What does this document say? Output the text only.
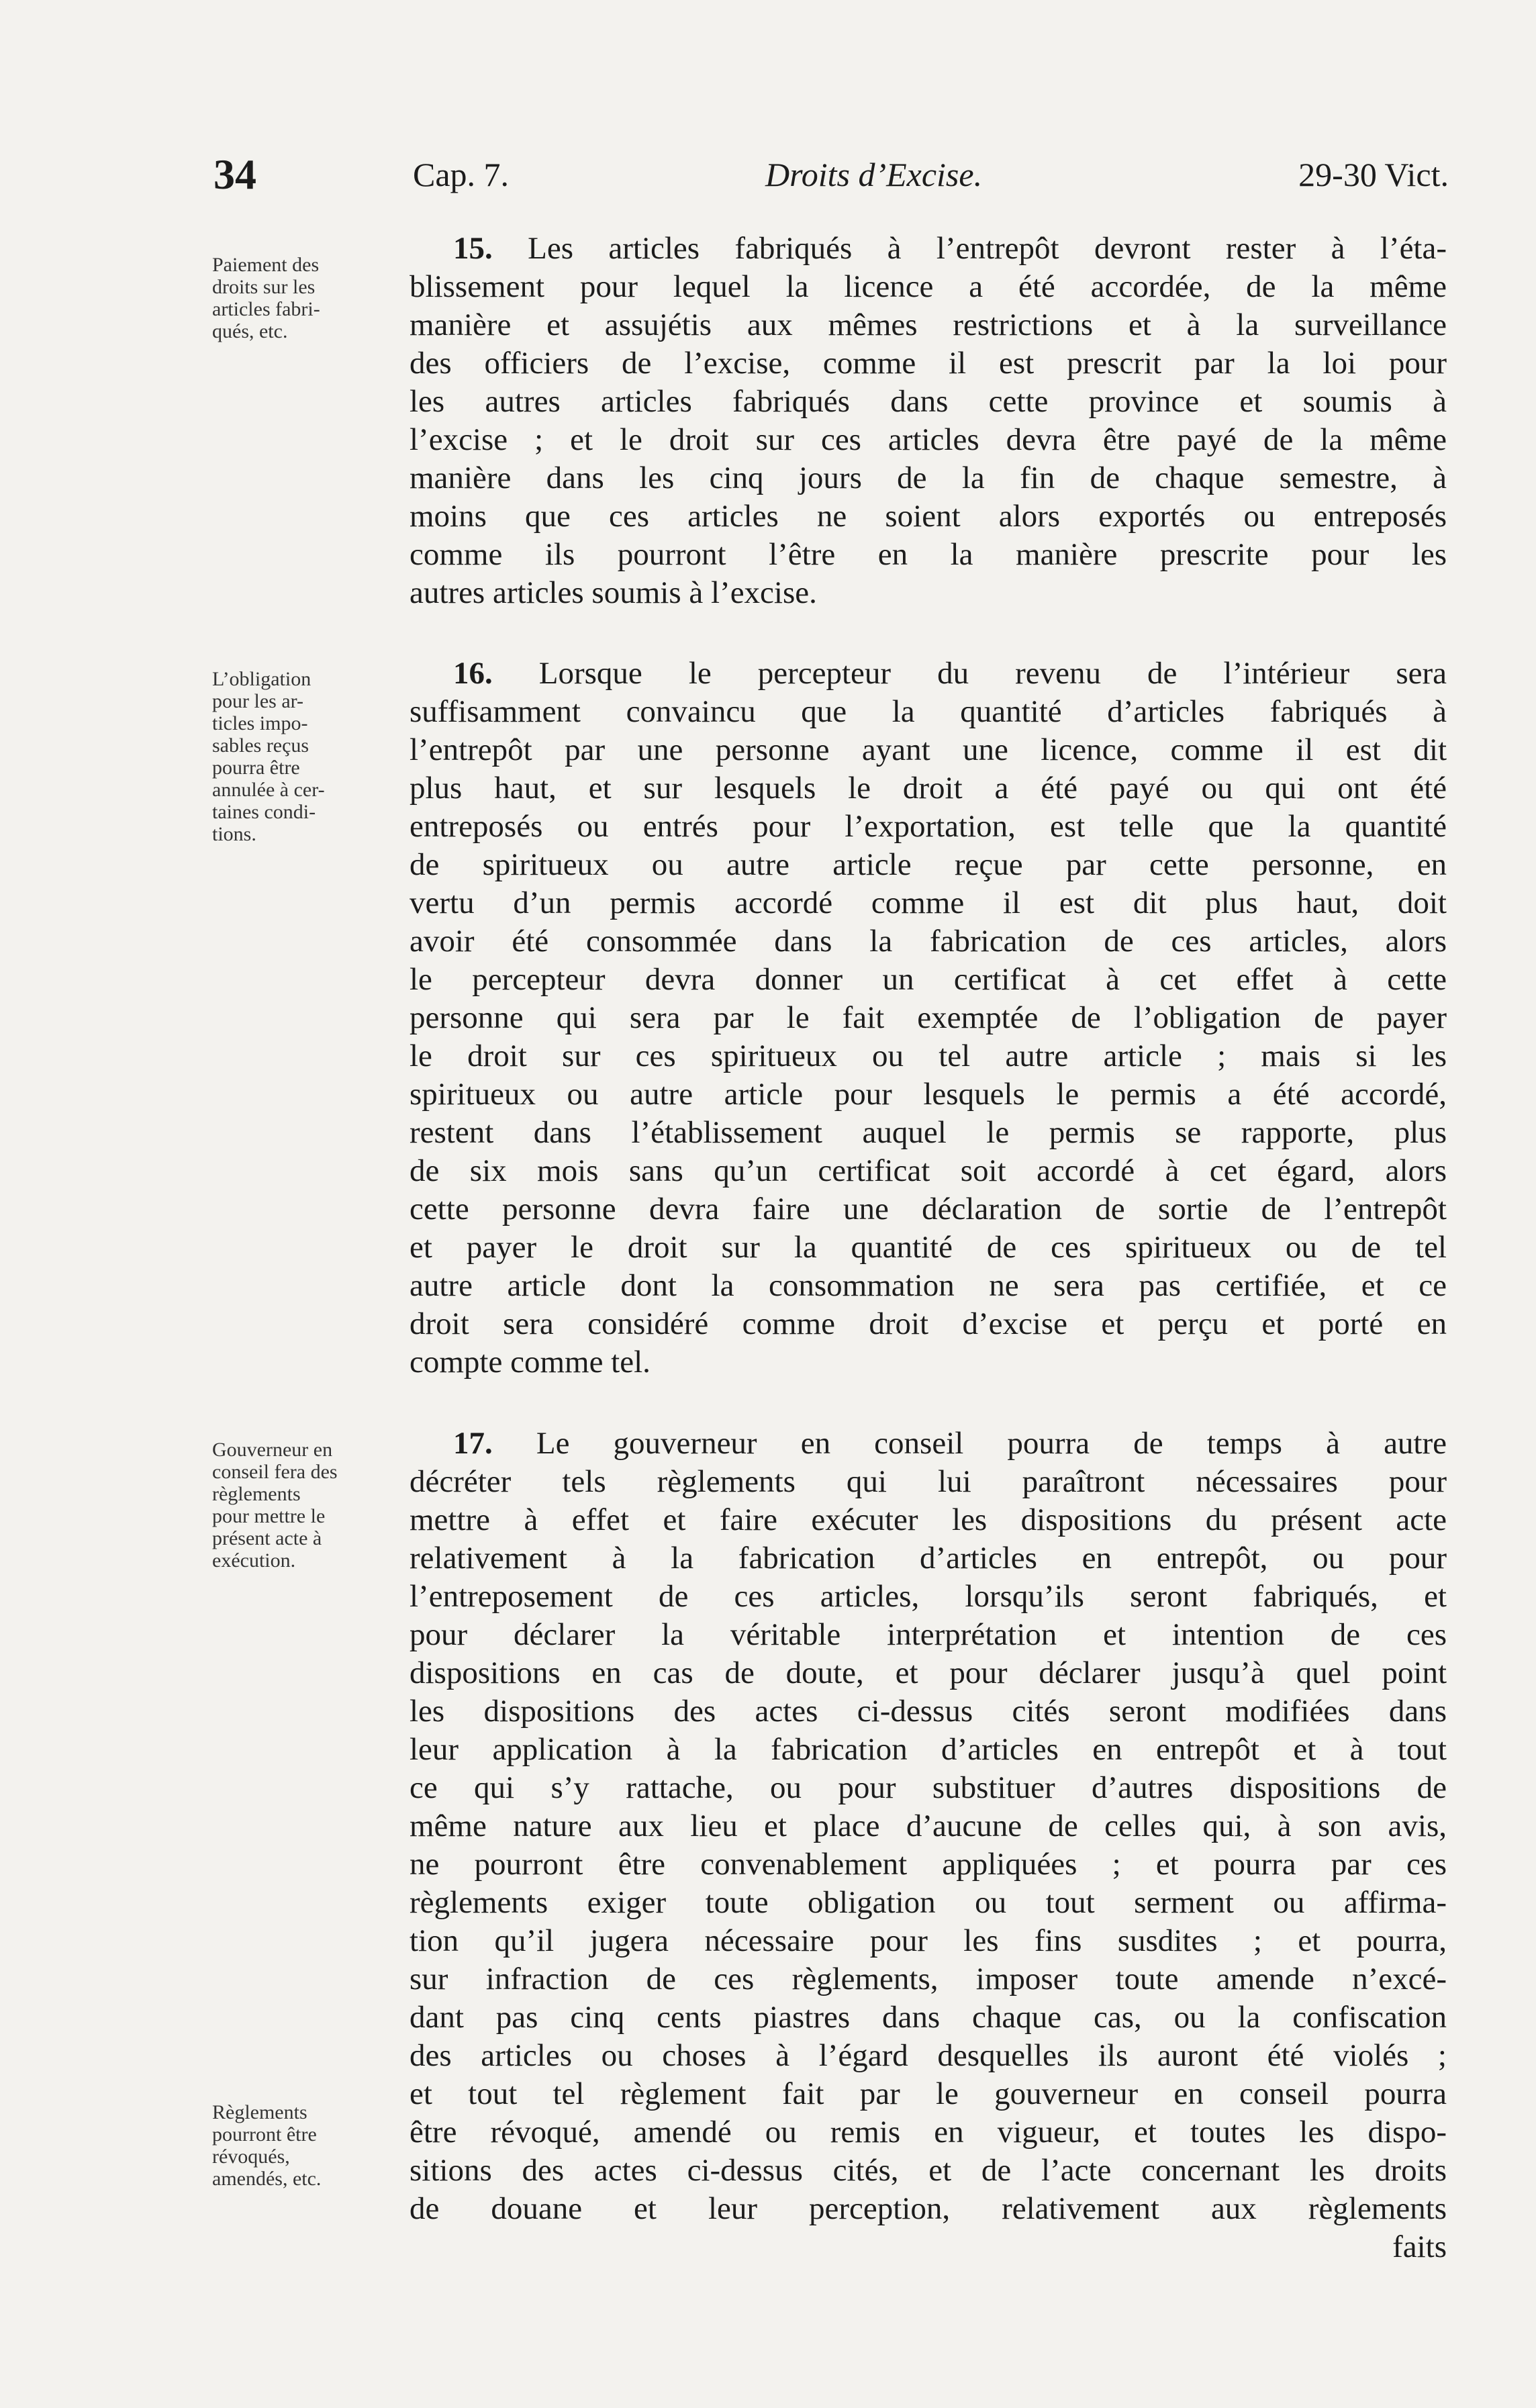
34	Cap. 7.	Droits d’Excise.	29-30 Vict.
Paiement des
droits sur les
articles fabri-
qués, etc.
L’obligation
pour les ar-
ticles impo-
sables reçus
pourra être
annulée à cer-
taines condi-
tions.
Gouverneur en
conseil fera des
règlements
pour mettre le
présent acte à
exécution.
Règlements
pourront être
révoqués,
amendés, etc.
15. Les articles fabriqués à l’entrepôt devront rester à l’éta-
blissement pour lequel la licence a été accordée, de la même
manière et assujétis aux mêmes restrictions et à la surveillance
des officiers de l’excise, comme il est prescrit par la loi pour
les autres articles fabriqués dans cette province et soumis à
l’excise ; et le droit sur ces articles devra être payé de la même
manière dans les cinq jours de la fin de chaque semestre, à
moins que ces articles ne soient alors exportés ou entreposés
comme ils pourront l’être en la manière prescrite pour les
autres articles soumis à l’excise.
16. Lorsque le percepteur du revenu de l’intérieur sera
suffisamment convaincu que la quantité d’articles fabriqués à
l’entrepôt par une personne ayant une licence, comme il est dit
plus haut, et sur lesquels le droit a été payé ou qui ont été
entreposés ou entrés pour l’exportation, est telle que la quantité
de spiritueux ou autre article reçue par cette personne, en
vertu d’un permis accordé comme il est dit plus haut, doit
avoir été consommée dans la fabrication de ces articles, alors
le percepteur devra donner un certificat à cet effet à cette
personne qui sera par le fait exemptée de l’obligation de payer
le droit sur ces spiritueux ou tel autre article ; mais si les
spiritueux ou autre article pour lesquels le permis a été accordé,
restent dans l’établissement auquel le permis se rapporte, plus
de six mois sans qu’un certificat soit accordé à cet égard, alors
cette personne devra faire une déclaration de sortie de l’entrepôt
et payer le droit sur la quantité de ces spiritueux ou de tel
autre article dont la consommation ne sera pas certifiée, et ce
droit sera considéré comme droit d’excise et perçu et porté en
compte comme tel.
17. Le gouverneur en conseil pourra de temps à autre
décréter tels règlements qui lui paraîtront nécessaires pour
mettre à effet et faire exécuter les dispositions du présent acte
relativement à la fabrication d’articles en entrepôt, ou pour
l’entreposement de ces articles, lorsqu’ils seront fabriqués, et
pour déclarer la véritable interprétation et intention de ces
dispositions en cas de doute, et pour déclarer jusqu’à quel point
les dispositions des actes ci-dessus cités seront modifiées dans
leur application à la fabrication d’articles en entrepôt et à tout
ce qui s’y rattache, ou pour substituer d’autres dispositions de
même nature aux lieu et place d’aucune de celles qui, à son avis,
ne pourront être convenablement appliquées ; et pourra par ces
règlements exiger toute obligation ou tout serment ou affirma-
tion qu’il jugera nécessaire pour les fins susdites ; et pourra,
sur infraction de ces règlements, imposer toute amende n’excé-
dant pas cinq cents piastres dans chaque cas, ou la confiscation
des articles ou choses à l’égard desquelles ils auront été violés ;
et tout tel règlement fait par le gouverneur en conseil pourra
être révoqué, amendé ou remis en vigueur, et toutes les dispo-
sitions des actes ci-dessus cités, et de l’acte concernant les droits
de douane et leur perception, relativement aux règlements
faits
